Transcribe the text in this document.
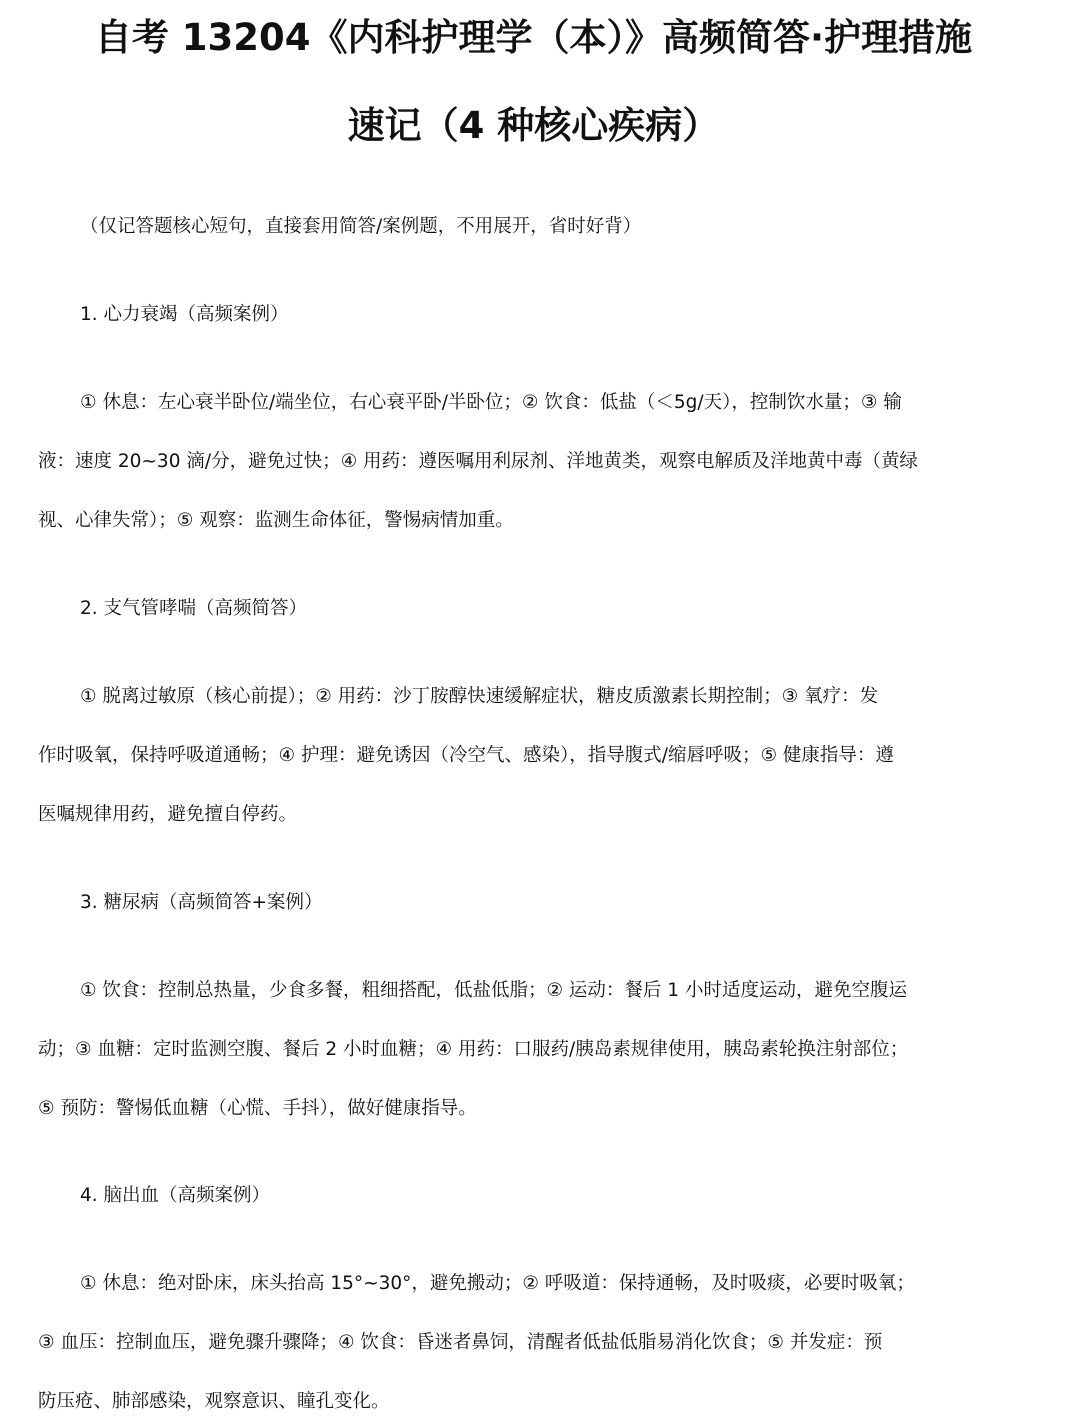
自考 13204《内科护理学（本）》高频简答·护理措施
速记（4 种核心疾病）
（仅记答题核心短句，直接套用简答/案例题，不用展开，省时好背）
1. 心力衰竭（高频案例）
① 休息：左心衰半卧位/端坐位，右心衰平卧/半卧位；② 饮食：低盐（＜5g/天），控制饮水量；③ 输
液：速度 20~30 滴/分，避免过快；④ 用药：遵医嘱用利尿剂、洋地黄类，观察电解质及洋地黄中毒（黄绿
视、心律失常）；⑤ 观察：监测生命体征，警惕病情加重。
2. 支气管哮喘（高频简答）
① 脱离过敏原（核心前提）；② 用药：沙丁胺醇快速缓解症状，糖皮质激素长期控制；③ 氧疗：发
作时吸氧，保持呼吸道通畅；④ 护理：避免诱因（冷空气、感染），指导腹式/缩唇呼吸；⑤ 健康指导：遵
医嘱规律用药，避免擅自停药。
3. 糖尿病（高频简答+案例）
① 饮食：控制总热量，少食多餐，粗细搭配，低盐低脂；② 运动：餐后 1 小时适度运动，避免空腹运
动；③ 血糖：定时监测空腹、餐后 2 小时血糖；④ 用药：口服药/胰岛素规律使用，胰岛素轮换注射部位；
⑤ 预防：警惕低血糖（心慌、手抖），做好健康指导。
4. 脑出血（高频案例）
① 休息：绝对卧床，床头抬高 15°~30°，避免搬动；② 呼吸道：保持通畅，及时吸痰，必要时吸氧；
③ 血压：控制血压，避免骤升骤降；④ 饮食：昏迷者鼻饲，清醒者低盐低脂易消化饮食；⑤ 并发症：预
防压疮、肺部感染，观察意识、瞳孔变化。
